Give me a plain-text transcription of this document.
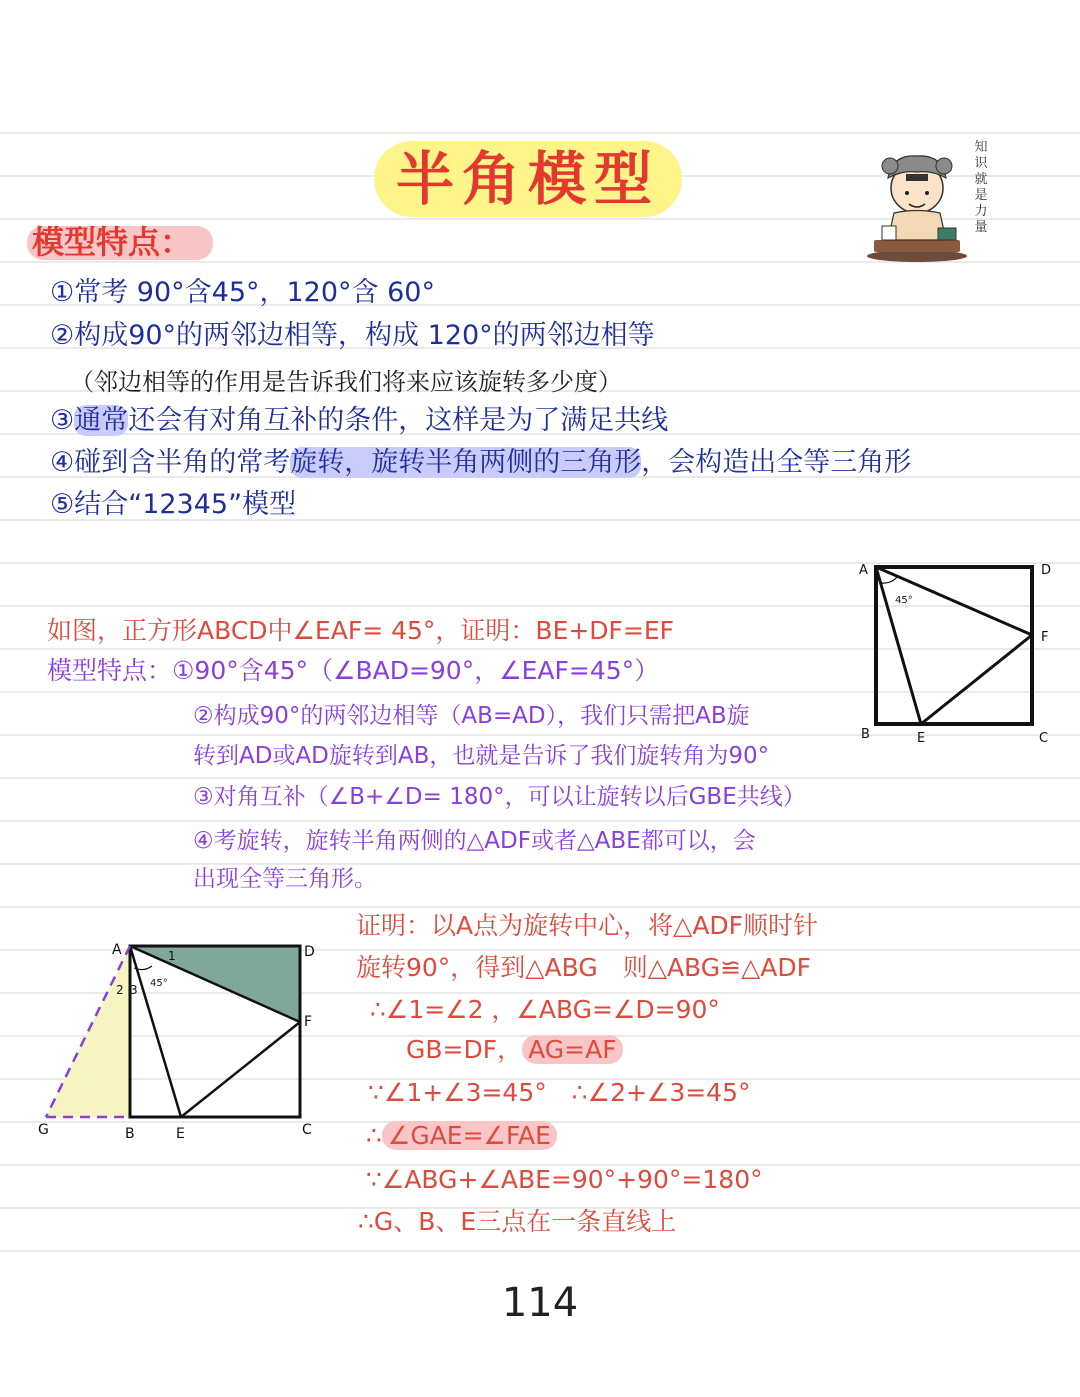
半角模型	知识就是力量
模型特点：
①常考 90°含45°，120°含 60°
②构成90°的两邻边相等，构成 120°的两邻边相等
（邻边相等的作用是告诉我们将来应该旋转多少度）
③通常还会有对角互补的条件，这样是为了满足共线
④碰到含半角的常考旋转，旋转半角两侧的三角形，会构造出全等三角形
⑤结合“12345”模型
A	D
F
B	E	C
45°
如图，正方形ABCD中∠EAF= 45°，证明：BE+DF=EF
模型特点：①90°含45°（∠BAD=90°，∠EAF=45°）
②构成90°的两邻边相等（AB=AD），我们只需把AB旋
转到AD或AD旋转到AB，也就是告诉了我们旋转角为90°
③对角互补（∠B+∠D= 180°，可以让旋转以后GBE共线）
④考旋转，旋转半角两侧的△ADF或者△ABE都可以，会
出现全等三角形。
A	D
F
G	B	E	C
45°
1
2 3
证明：以A点为旋转中心，将△ADF顺时针
旋转90°，得到△ABG　则△ABG≌△ADF
∴∠1=∠2 ，∠ABG=∠D=90°
GB=DF， AG=AF
∵∠1+∠3=45°　∴∠2+∠3=45°
∴ ∠GAE=∠FAE
∵∠ABG+∠ABE=90°+90°=180°
∴G、B、E三点在一条直线上
114
